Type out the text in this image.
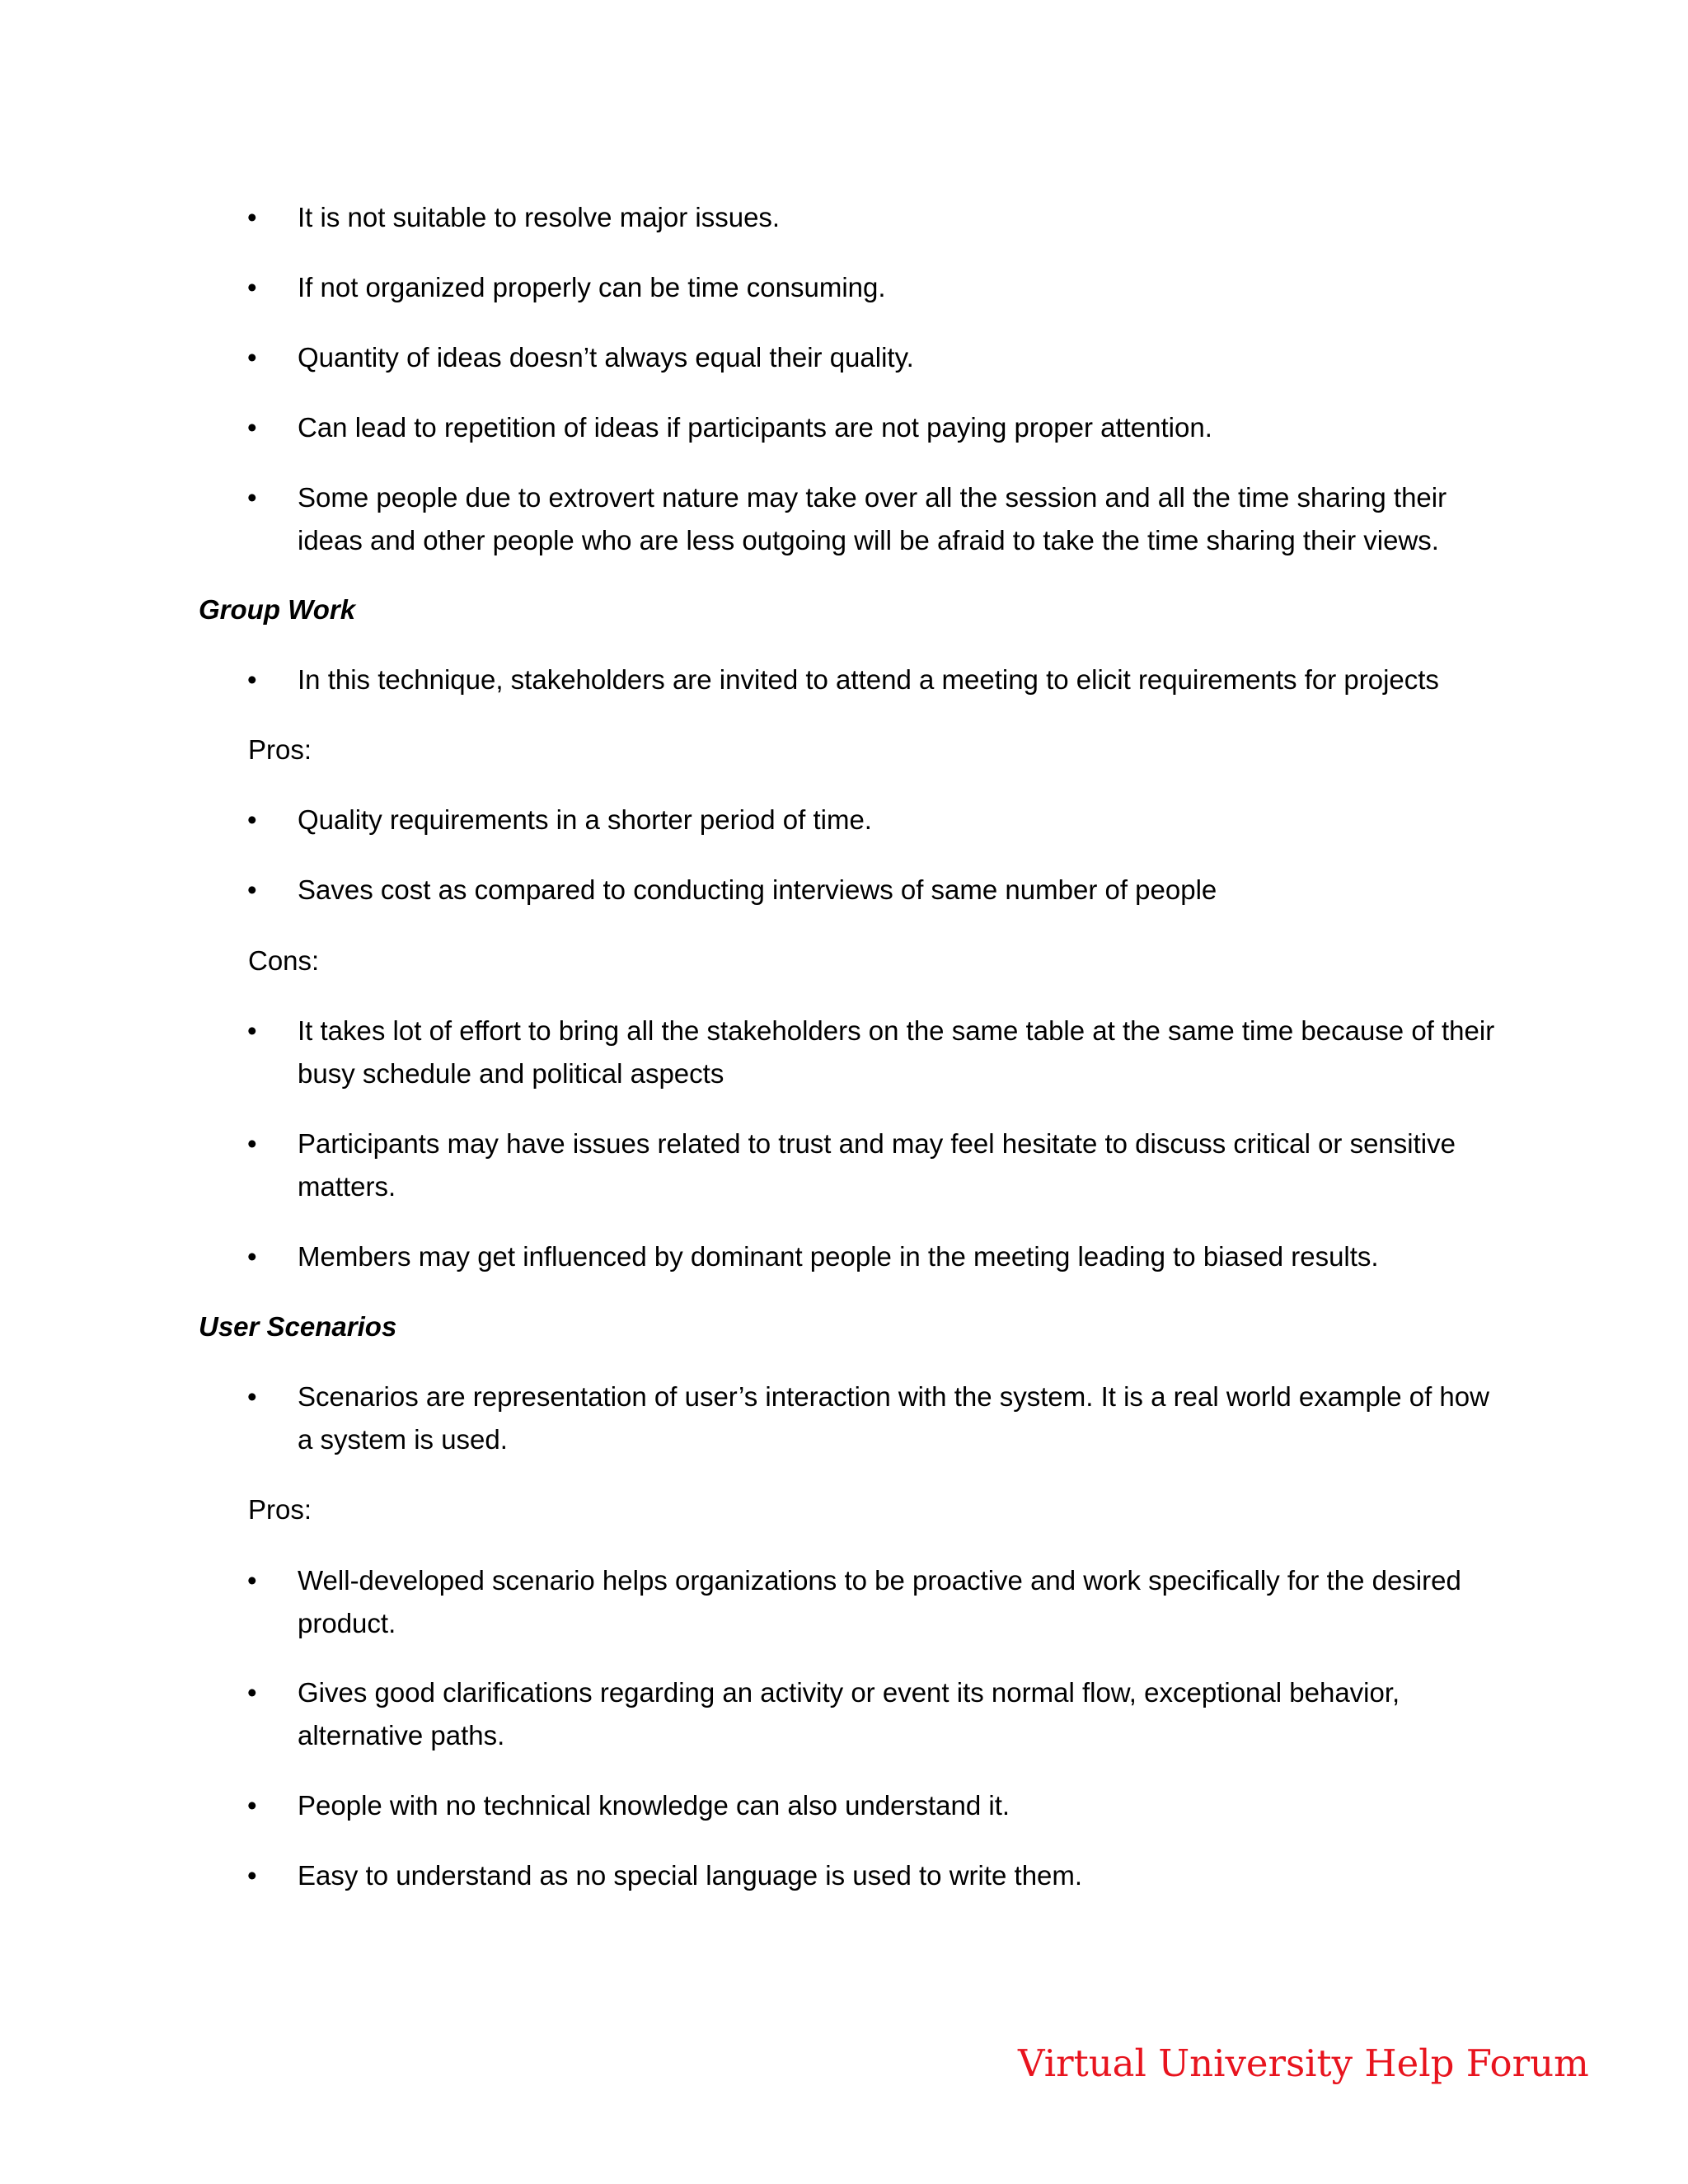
• It is not suitable to resolve major issues.
• If not organized properly can be time consuming.
• Quantity of ideas doesn’t always equal their quality.
• Can lead to repetition of ideas if participants are not paying proper attention.
• Some people due to extrovert nature may take over all the session and all the time sharing their ideas and other people who are less outgoing will be afraid to take the time sharing their views.
Group Work
• In this technique, stakeholders are invited to attend a meeting to elicit requirements for projects
Pros:
• Quality requirements in a shorter period of time.
• Saves cost as compared to conducting interviews of same number of people
Cons:
• It takes lot of effort to bring all the stakeholders on the same table at the same time because of their busy schedule and political aspects
• Participants may have issues related to trust and may feel hesitate to discuss critical or sensitive matters.
• Members may get influenced by dominant people in the meeting leading to biased results.
User Scenarios
• Scenarios are representation of user’s interaction with the system. It is a real world example of how a system is used.
Pros:
• Well-developed scenario helps organizations to be proactive and work specifically for the desired product.
• Gives good clarifications regarding an activity or event its normal flow, exceptional behavior, alternative paths.
• People with no technical knowledge can also understand it.
• Easy to understand as no special language is used to write them.
Virtual University Help Forum
